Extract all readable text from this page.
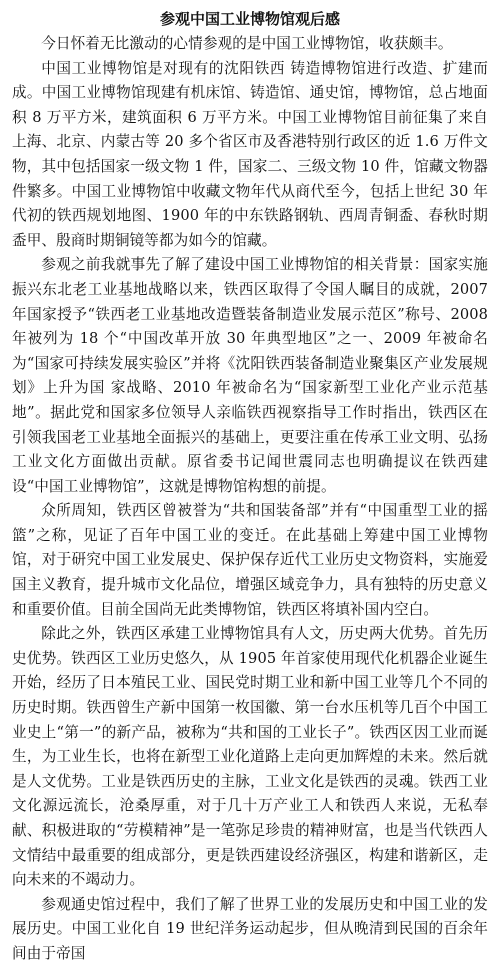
参观中国工业博物馆观后感

今日怀着无比激动的心情参观的是中国工业博物馆，收获颇丰。

中国工业博物馆是对现有的沈阳铁西 铸造博物馆进行改造、扩建而成。中国工业博物馆现建有机床馆、铸造馆、通史馆，博物馆，总占地面积 8 万平方米，建筑面积 6 万平方米。中国工业博物馆目前征集了来自上海、北京、内蒙古等 20 多个省区市及香港特别行政区的近 1.6 万件文物，其中包括国家一级文物 1 件，国家二、三级文物 10 件，馆藏文物器件繁多。中国工业博物馆中收藏文物年代从商代至今，包括上世纪 30 年代初的铁西规划地图、1900 年的中东铁路钢轨、西周青铜盉、春秋时期盉甲、殷商时期铜镜等都为如今的馆藏。

参观之前我就事先了解了建设中国工业博物馆的相关背景：国家实施振兴东北老工业基地战略以来，铁西区取得了令国人瞩目的成就，2007 年国家授予“铁西老工业基地改造暨装备制造业发展示范区”称号、2008 年被列为 18 个“中国改革开放 30 年典型地区”之一、2009 年被命名为“国家可持续发展实验区”并将《沈阳铁西装备制造业聚集区产业发展规划》上升为国 家战略、2010 年被命名为“国家新型工业化产业示范基地”。据此党和国家多位领导人亲临铁西视察指导工作时指出，铁西区在引领我国老工业基地全面振兴的基础上，更要注重在传承工业文明、弘扬工业文化方面做出贡献。原省委书记闻世震同志也明确提议在铁西建设“中国工业博物馆”，这就是博物馆构想的前提。

众所周知，铁西区曾被誉为“共和国装备部”并有“中国重型工业的摇篮”之称，见证了百年中国工业的变迁。在此基础上筹建中国工业博物馆，对于研究中国工业发展史、保护保存近代工业历史文物资料，实施爱国主义教育，提升城市文化品位，增强区域竞争力，具有独特的历史意义和重要价值。目前全国尚无此类博物馆，铁西区将填补国内空白。

除此之外，铁西区承建工业博物馆具有人文，历史两大优势。首先历史优势。铁西区工业历史悠久，从 1905 年首家使用现代化机器企业诞生开始，经历了日本殖民工业、国民党时期工业和新中国工业等几个不同的历史时期。铁西曾生产新中国第一枚国徽、第一台水压机等几百个中国工业史上“第一”的新产品，被称为“共和国的工业长子”。铁西区因工业而诞生，为工业生长，也将在新型工业化道路上走向更加辉煌的未来。然后就是人文优势。工业是铁西历史的主脉，工业文化是铁西的灵魂。铁西工业文化源远流长，沧桑厚重，对于几十万产业工人和铁西人来说，无私奉献、积极进取的“劳模精神”是一笔弥足珍贵的精神财富，也是当代铁西人文情结中最重要的组成部分，更是铁西建设经济强区，构建和谐新区，走向未来的不竭动力。

参观通史馆过程中，我们了解了世界工业的发展历史和中国工业的发展历史。中国工业化自 19 世纪洋务运动起步，但从晚清到民国的百余年间由于帝国
